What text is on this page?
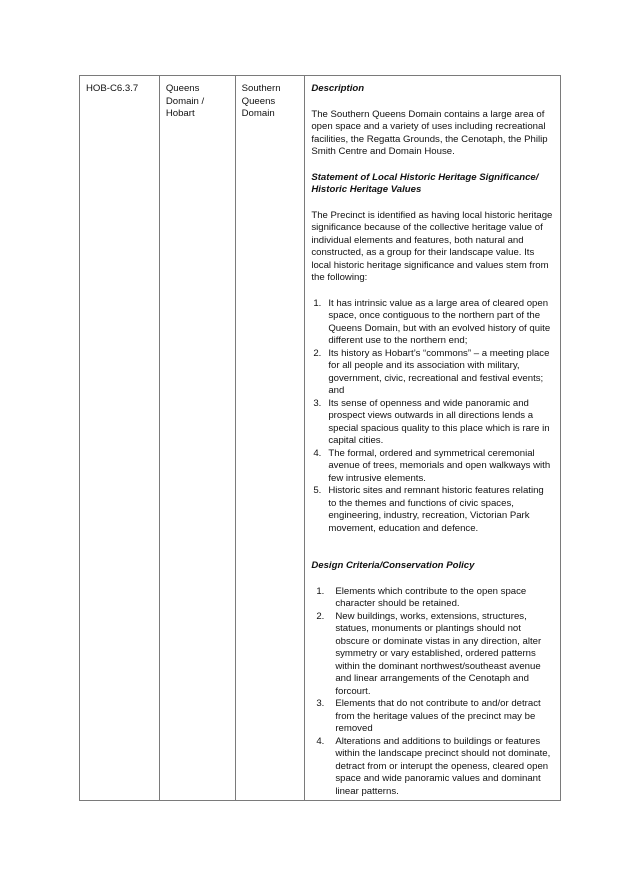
HOB-C6.3.7	Queens Domain / Hobart	Southern Queens Domain	

Description

The Southern Queens Domain contains a large area of open space and a variety of uses including recreational facilities, the Regatta Grounds, the Cenotaph, the Philip Smith Centre and Domain House.

Statement of Local Historic Heritage Significance/ Historic Heritage Values

The Precinct is identified as having local historic heritage significance because of the collective heritage value of individual elements and features, both natural and constructed, as a group for their landscape value. Its local historic heritage significance and values stem from the following:

1. It has intrinsic value as a large area of cleared open space, once contiguous to the northern part of the Queens Domain, but with an evolved history of quite different use to the northern end;
2. Its history as Hobart’s “commons” – a meeting place for all people and its association with military, government, civic, recreational and festival events; and
3. Its sense of openness and wide panoramic and prospect views outwards in all directions lends a special spacious quality to this place which is rare in capital cities.
4. The formal, ordered and symmetrical ceremonial avenue of trees, memorials and open walkways with few intrusive elements.
5. Historic sites and remnant historic features relating to the themes and functions of civic spaces, engineering, industry, recreation, Victorian Park movement, education and defence.

Design Criteria/Conservation Policy

1. Elements which contribute to the open space character should be retained.
2. New buildings, works, extensions, structures, statues, monuments or plantings should not obscure or dominate vistas in any direction, alter symmetry or vary established, ordered patterns within the dominant northwest/southeast avenue and linear arrangements of the Cenotaph and forcourt.
3. Elements that do not contribute to and/or detract from the heritage values of the precinct may be removed
4. Alterations and additions to buildings or features within the landscape precinct should not dominate, detract from or interupt the openess, cleared open space and wide panoramic values and dominant linear patterns.
